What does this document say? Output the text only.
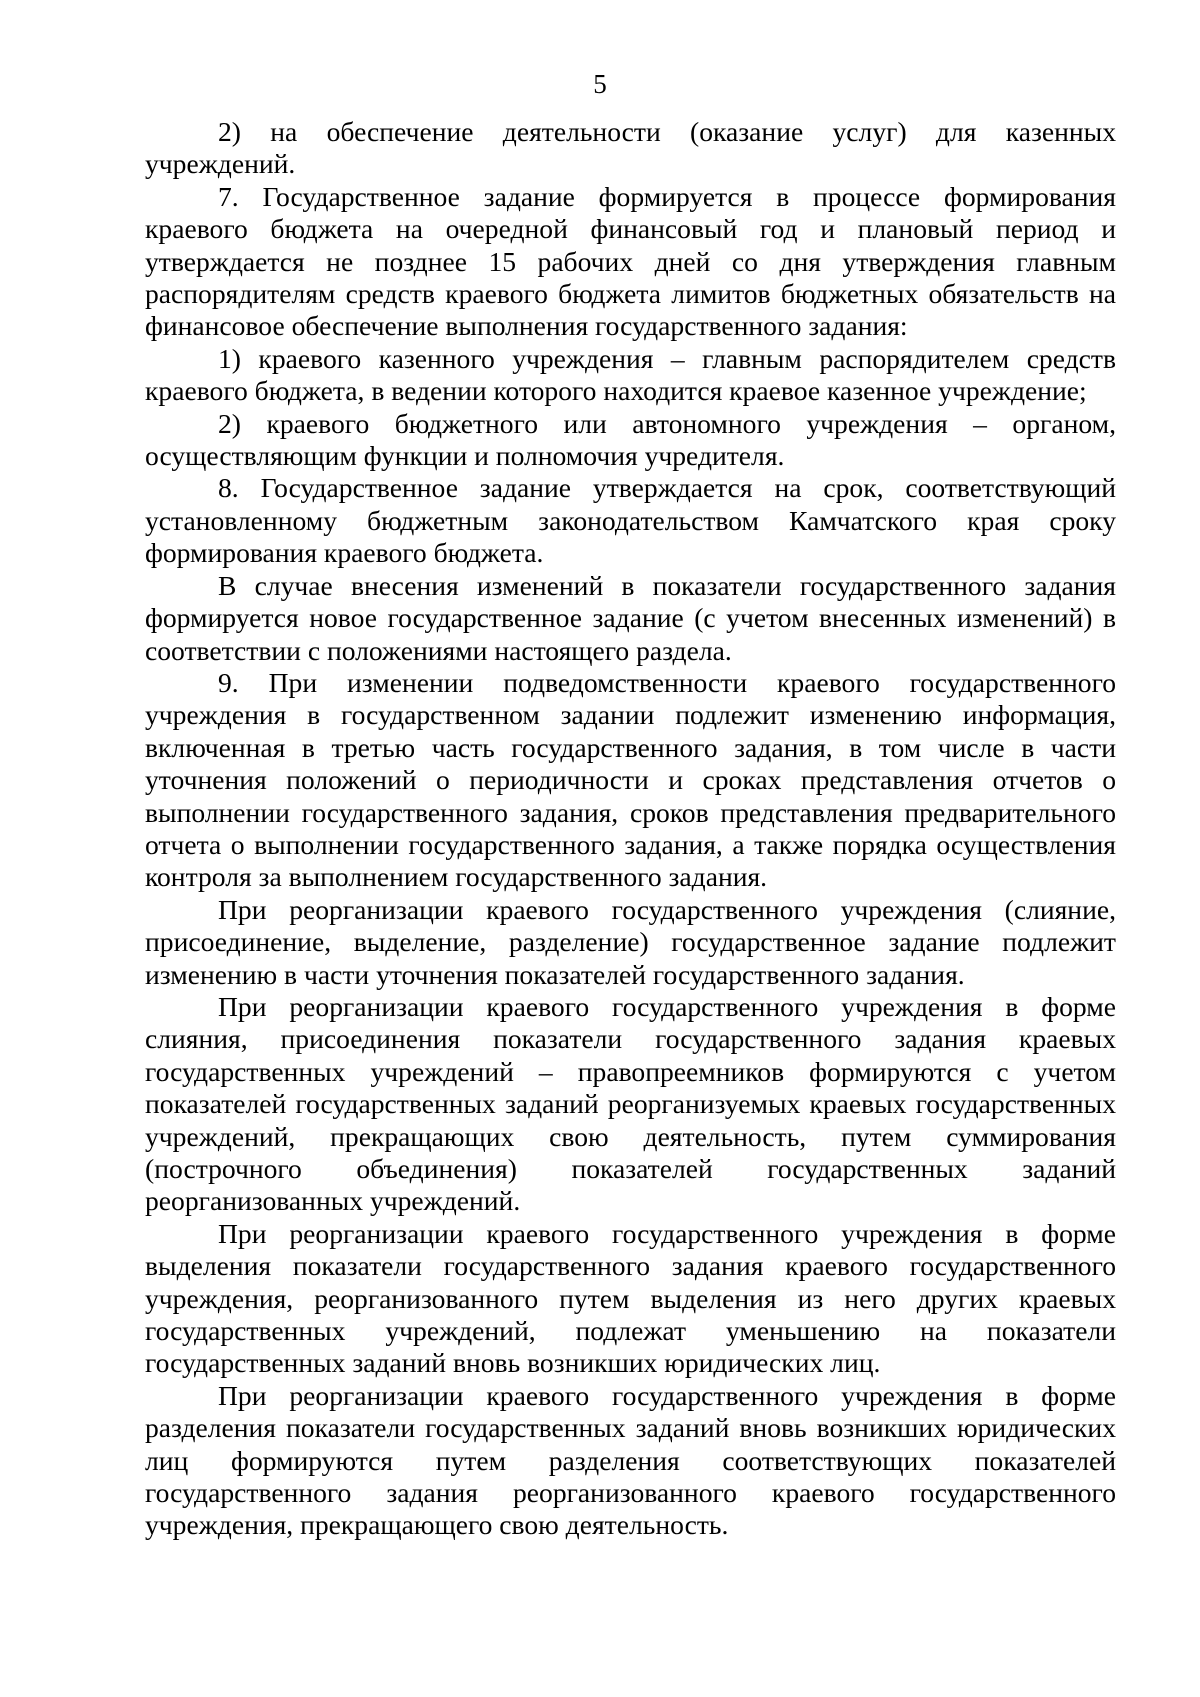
5

2) на обеспечение деятельности (оказание услуг) для казенных учреждений.

7. Государственное задание формируется в процессе формирования краевого бюджета на очередной финансовый год и плановый период и утверждается не позднее 15 рабочих дней со дня утверждения главным распорядителям средств краевого бюджета лимитов бюджетных обязательств на финансовое обеспечение выполнения государственного задания:

1) краевого казенного учреждения – главным распорядителем средств краевого бюджета, в ведении которого находится краевое казенное учреждение;

2) краевого бюджетного или автономного учреждения – органом, осуществляющим функции и полномочия учредителя.

8. Государственное задание утверждается на срок, соответствующий установленному бюджетным законодательством Камчатского края сроку формирования краевого бюджета.

В случае внесения изменений в показатели государственного задания формируется новое государственное задание (с учетом внесенных изменений) в соответствии с положениями настоящего раздела.

9. При изменении подведомственности краевого государственного учреждения в государственном задании подлежит изменению информация, включенная в третью часть государственного задания, в том числе в части уточнения положений о периодичности и сроках представления отчетов о выполнении государственного задания, сроков представления предварительного отчета о выполнении государственного задания, а также порядка осуществления контроля за выполнением государственного задания.

При реорганизации краевого государственного учреждения (слияние, присоединение, выделение, разделение) государственное задание подлежит изменению в части уточнения показателей государственного задания.

При реорганизации краевого государственного учреждения в форме слияния, присоединения показатели государственного задания краевых государственных учреждений – правопреемников формируются с учетом показателей государственных заданий реорганизуемых краевых государственных учреждений, прекращающих свою деятельность, путем суммирования (построчного объединения) показателей государственных заданий реорганизованных учреждений.

При реорганизации краевого государственного учреждения в форме выделения показатели государственного задания краевого государственного учреждения, реорганизованного путем выделения из него других краевых государственных учреждений, подлежат уменьшению на показатели государственных заданий вновь возникших юридических лиц.

При реорганизации краевого государственного учреждения в форме разделения показатели государственных заданий вновь возникших юридических лиц формируются путем разделения соответствующих показателей государственного задания реорганизованного краевого государственного учреждения, прекращающего свою деятельность.
